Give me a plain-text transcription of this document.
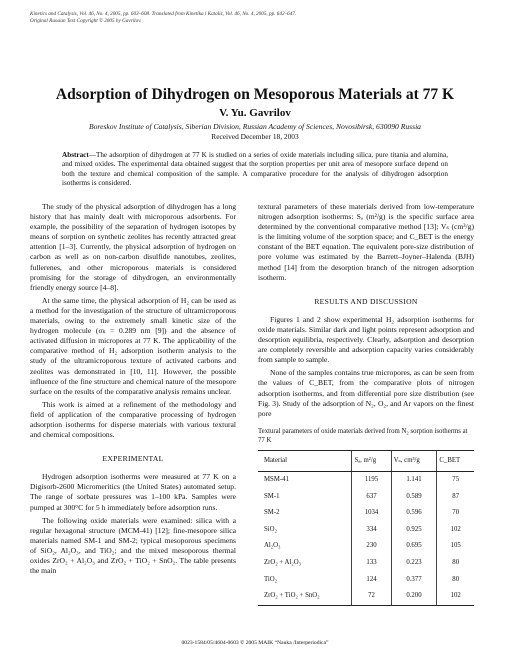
Kinetics and Catalysis, Vol. 46, No. 4, 2005, pp. 603–608. Translated from Kinetika i Kataliz, Vol. 46, No. 4, 2005, pp. 642–647.
Original Russian Text Copyright © 2005 by Gavrilov.
Adsorption of Dihydrogen on Mesoporous Materials at 77 K
V. Yu. Gavrilov
Boreskov Institute of Catalysis, Siberian Division, Russian Academy of Sciences, Novosibirsk, 630090 Russia
Received December 18, 2003
Abstract—The adsorption of dihydrogen at 77 K is studied on a series of oxide materials including silica, pure titania and alumina, and mixed oxides. The experimental data obtained suggest that the sorption properties per unit area of mesopore surface depend on both the texture and chemical composition of the sample. A comparative procedure for the analysis of dihydrogen adsorption isotherms is considered.

The study of the physical adsorption of dihydrogen has a long history that has mainly dealt with microporous adsorbents. For example, the possibility of the separation of hydrogen isotopes by means of sorption on synthetic zeolites has recently attracted great attention [1–3]. Currently, the physical adsorption of hydrogen on carbon as well as on non-carbon disulfide nanotubes, zeolites, fullerenes, and other microporous materials is considered promising for the storage of dihydrogen, an environmentally friendly energy source [4–8].

At the same time, the physical adsorption of H₂ can be used as a method for the investigation of the structure of ultramicroporous materials, owing to the extremely small kinetic size of the hydrogen molecule (σₖ = 0.289 nm [9]) and the absence of activated diffusion in micropores at 77 K. The applicability of the comparative method of H₂ adsorption isotherm analysis to the study of the ultramicroporous texture of activated carbons and zeolites was demonstrated in [10, 11]. However, the possible influence of the fine structure and chemical nature of the mesopore surface on the results of the comparative analysis remains unclear.

This work is aimed at a refinement of the methodology and field of application of the comparative processing of hydrogen adsorption isotherms for disperse materials with various textural and chemical compositions.

EXPERIMENTAL

Hydrogen adsorption isotherms were measured at 77 K on a Digisorb-2600 Micromeritics (the United States) automated setup. The range of sorbate pressures was 1–100 kPa. Samples were pumped at 300°C for 5 h immediately before adsorption runs.

The following oxide materials were examined: silica with a regular hexagonal structure (MCM-41) [12]; fine-mesopore silica materials named SM-1 and SM-2; typical mesoporous specimens of SiO₂, Al₂O₃, and TiO₂; and the mixed mesoporous thermal oxides ZrO₂ + Al₂O₃ and ZrO₂ + TiO₂ + SnO₂. The table presents the main

textural parameters of these materials derived from low-temperature nitrogen adsorption isotherms: Sₐ (m²/g) is the specific surface area determined by the conventional comparative method [13]; Vₛ (cm³/g) is the limiting volume of the sorption space; and C_BET is the energy constant of the BET equation. The equivalent pore-size distribution of pore volume was estimated by the Barrett–Joyner–Halenda (BJH) method [14] from the desorption branch of the nitrogen adsorption isotherm.

RESULTS AND DISCUSSION

Figures 1 and 2 show experimental H₂ adsorption isotherms for oxide materials. Similar dark and light points represent adsorption and desorption equilibria, respectively. Clearly, adsorption and desorption are completely reversible and adsorption capacity varies considerably from sample to sample.

None of the samples contains true micropores, as can be seen from the values of C_BET, from the comparative plots of nitrogen adsorption isotherms, and from differential pore size distribution (see Fig. 3). Study of the adsorption of N₂, O₂, and Ar vapors on the finest pore

Textural parameters of oxide materials derived from N₂ sorption isotherms at 77 K
Material	Sₐ, m²/g	Vₛ, cm³/g	C_BET
MSM-41	1195	1.141	75
SM-1	637	0.589	87
SM-2	1034	0.596	70
SiO₂	334	0.925	102
Al₂O₃	230	0.695	105
ZrO₂ + Al₂O₃	133	0.223	80
TiO₂	124	0.377	80
ZrO₂ + TiO₂ + SnO₂	72	0.200	102
0023-1584/05/4604-0603 © 2005 MAIK “Nauka /Interperiodica”
